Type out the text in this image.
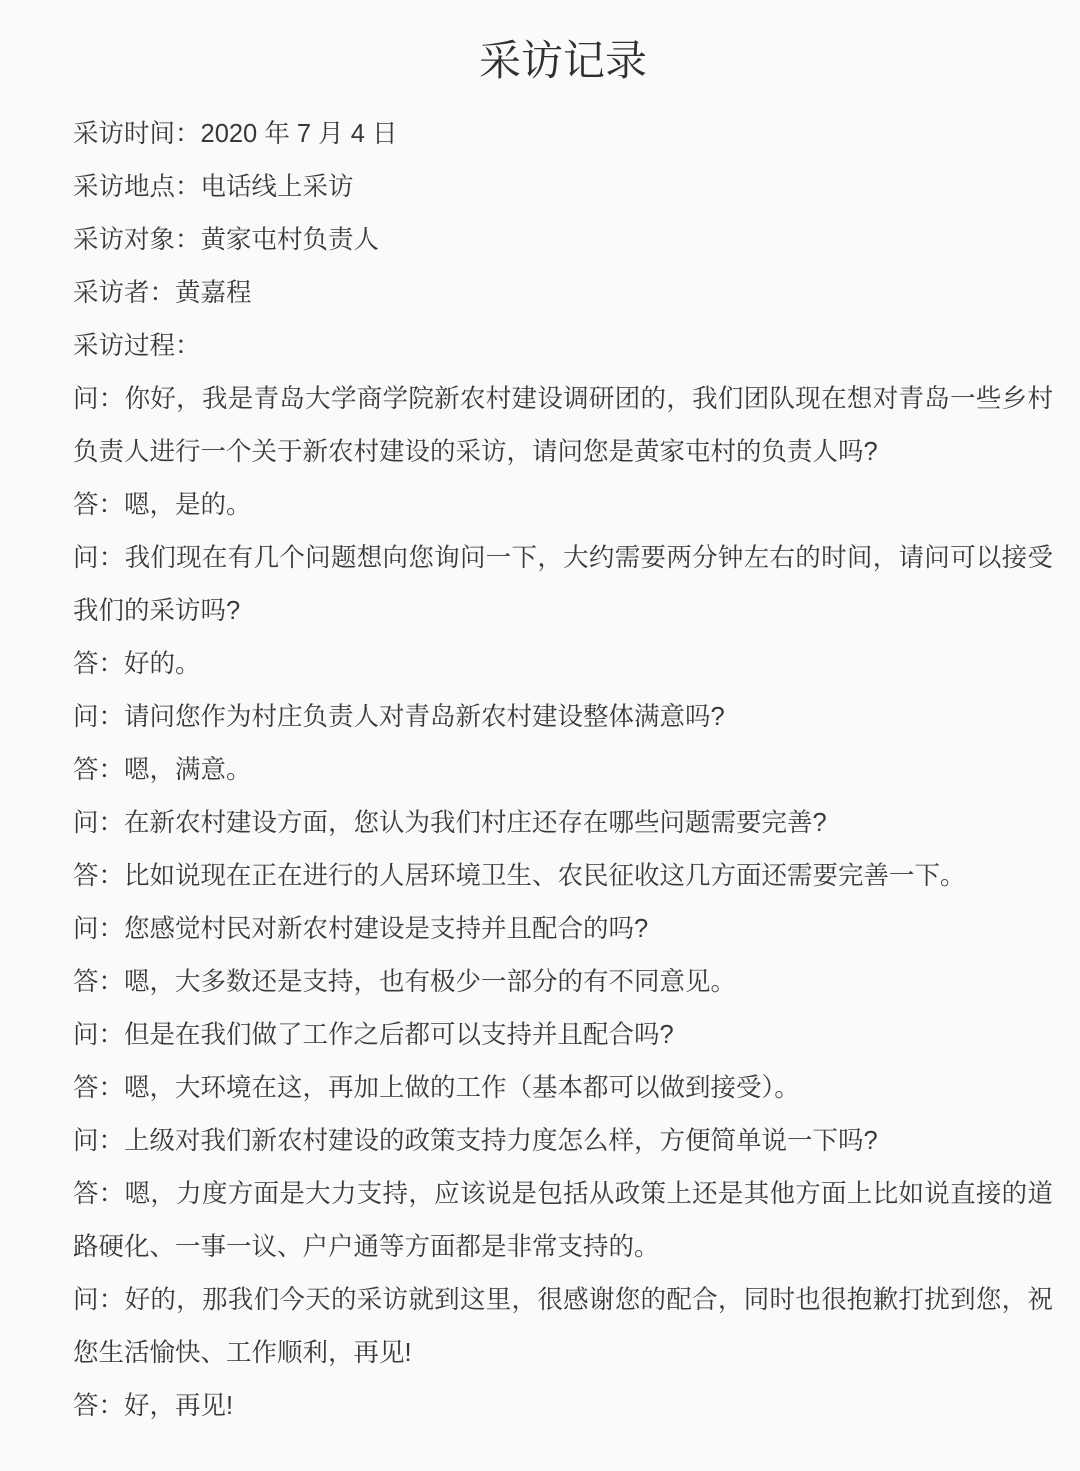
采访记录

采访时间：2020 年 7 月 4 日

采访地点：电话线上采访

采访对象：黄家屯村负责人

采访者：黄嘉程

采访过程：

问：你好，我是青岛大学商学院新农村建设调研团的，我们团队现在想对青岛一些乡村负责人进行一个关于新农村建设的采访，请问您是黄家屯村的负责人吗?

答：嗯，是的。

问：我们现在有几个问题想向您询问一下，大约需要两分钟左右的时间，请问可以接受我们的采访吗?

答：好的。

问：请问您作为村庄负责人对青岛新农村建设整体满意吗?

答：嗯，满意。

问：在新农村建设方面，您认为我们村庄还存在哪些问题需要完善?

答：比如说现在正在进行的人居环境卫生、农民征收这几方面还需要完善一下。

问：您感觉村民对新农村建设是支持并且配合的吗?

答：嗯，大多数还是支持，也有极少一部分的有不同意见。

问：但是在我们做了工作之后都可以支持并且配合吗?

答：嗯，大环境在这，再加上做的工作（基本都可以做到接受）。

问：上级对我们新农村建设的政策支持力度怎么样，方便简单说一下吗?

答：嗯，力度方面是大力支持，应该说是包括从政策上还是其他方面上比如说直接的道路硬化、一事一议、户户通等方面都是非常支持的。

问：好的，那我们今天的采访就到这里，很感谢您的配合，同时也很抱歉打扰到您，祝您生活愉快、工作顺利，再见!

答：好，再见!
